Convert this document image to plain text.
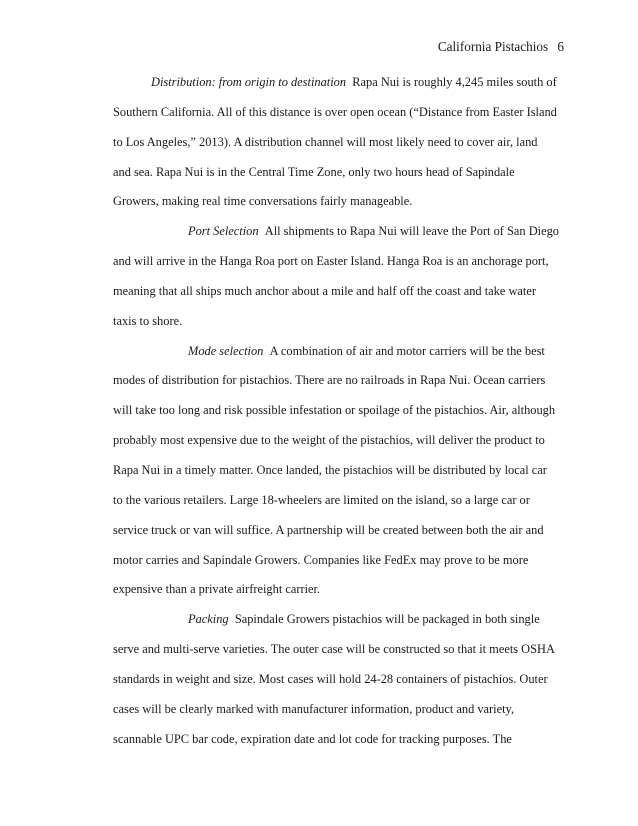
California Pistachios 6
Distribution: from origin to destination Rapa Nui is roughly 4,245 miles south of
Southern California. All of this distance is over open ocean (“Distance from Easter Island
to Los Angeles,” 2013). A distribution channel will most likely need to cover air, land
and sea. Rapa Nui is in the Central Time Zone, only two hours head of Sapindale
Growers, making real time conversations fairly manageable.
Port Selection All shipments to Rapa Nui will leave the Port of San Diego
and will arrive in the Hanga Roa port on Easter Island. Hanga Roa is an anchorage port,
meaning that all ships much anchor about a mile and half off the coast and take water
taxis to shore.
Mode selection A combination of air and motor carriers will be the best
modes of distribution for pistachios. There are no railroads in Rapa Nui. Ocean carriers
will take too long and risk possible infestation or spoilage of the pistachios. Air, although
probably most expensive due to the weight of the pistachios, will deliver the product to
Rapa Nui in a timely matter. Once landed, the pistachios will be distributed by local car
to the various retailers. Large 18-wheelers are limited on the island, so a large car or
service truck or van will suffice. A partnership will be created between both the air and
motor carries and Sapindale Growers. Companies like FedEx may prove to be more
expensive than a private airfreight carrier.
Packing Sapindale Growers pistachios will be packaged in both single
serve and multi-serve varieties. The outer case will be constructed so that it meets OSHA
standards in weight and size. Most cases will hold 24-28 containers of pistachios. Outer
cases will be clearly marked with manufacturer information, product and variety,
scannable UPC bar code, expiration date and lot code for tracking purposes. The
